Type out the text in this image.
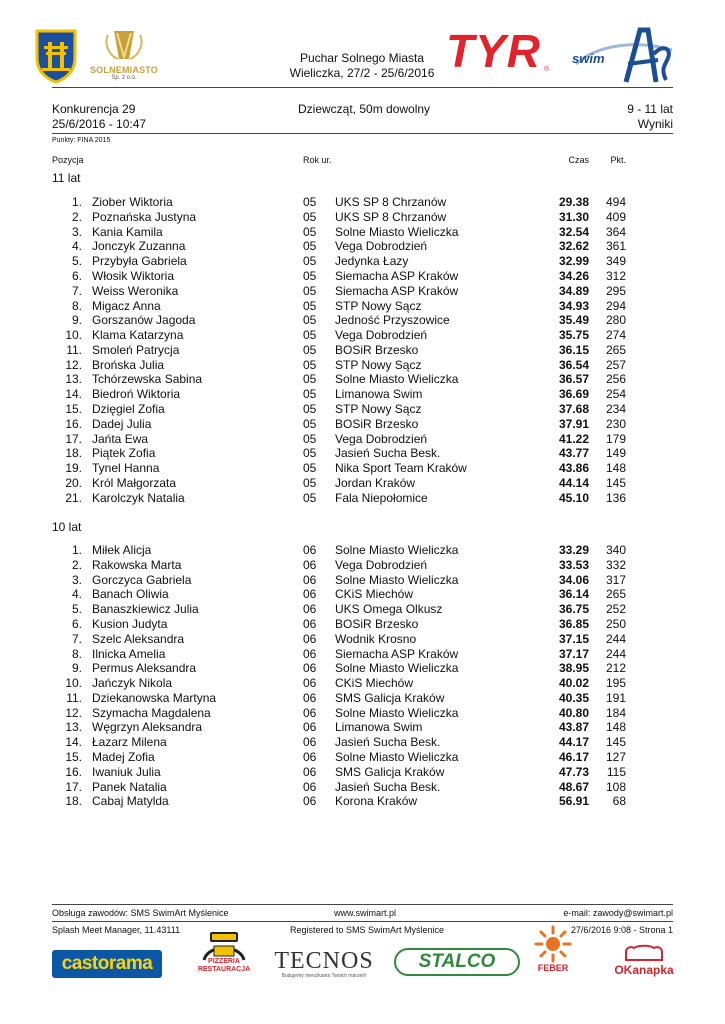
SOLNEMIASTO
Sp. z o.o.
Puchar Solnego Miasta
Wieliczka, 27/2 - 25/6/2016 TYR ®
swim
Konkurencja 29	Dziewcząt, 50m dowolny	9 - 11 lat
25/6/2016 - 10:47	Wyniki
Punkty: FINA 2015
Pozycja	Rok ur.	Czas	Pkt.
11 lat
1. Ziober Wiktoria	05 UKS SP 8 Chrzanów	29.38	494
2. Poznańska Justyna	05 UKS SP 8 Chrzanów	31.30	409
3. Kania Kamila	05 Solne Miasto Wieliczka	32.54	364
4. Jonczyk Zuzanna	05 Vega Dobrodzień	32.62	361
5. Przybyła Gabriela	05 Jedynka Łazy	32.99	349
6. Włosik Wiktoria	05 Siemacha ASP Kraków	34.26	312
7. Weiss Weronika	05 Siemacha ASP Kraków	34.89	295
8. Migacz Anna	05 STP Nowy Sącz	34.93	294
9. Gorszanów Jagoda	05 Jedność Przyszowice	35.49	280
10. Klama Katarzyna	05 Vega Dobrodzień	35.75	274
11. Smoleń Patrycja	05 BOSiR Brzesko	36.15	265
12. Brońska Julia	05 STP Nowy Sącz	36.54	257
13. Tchórzewska Sabina	05 Solne Miasto Wieliczka	36.57	256
14. Biedroń Wiktoria	05 Limanowa Swim	36.69	254
15. Dzięgiel Zofia	05 STP Nowy Sącz	37.68	234
16. Dadej Julia	05 BOSiR Brzesko	37.91	230
17. Jańta Ewa	05 Vega Dobrodzień	41.22	179
18. Piątek Zofia	05 Jasień Sucha Besk.	43.77	149
19. Tynel Hanna	05 Nika Sport Team Kraków	43.86	148
20. Król Małgorzata	05 Jordan Kraków	44.14	145
21. Karolczyk Natalia	05 Fala Niepołomice	45.10	136
10 lat
1. Miłek Alicja	06 Solne Miasto Wieliczka	33.29	340
2. Rakowska Marta	06 Vega Dobrodzień	33.53	332
3. Gorczyca Gabriela	06 Solne Miasto Wieliczka	34.06	317
4. Banach Oliwia	06 CKiS Miechów	36.14	265
5. Banaszkiewicz Julia	06 UKS Omega Olkusz	36.75	252
6. Kusion Judyta	06 BOSiR Brzesko	36.85	250
7. Szelc Aleksandra	06 Wodnik Krosno	37.15	244
8. Ilnicka Amelia	06 Siemacha ASP Kraków	37.17	244
9. Permus Aleksandra	06 Solne Miasto Wieliczka	38.95	212
10. Jańczyk Nikola	06 CKiS Miechów	40.02	195
11. Dziekanowska Martyna	06 SMS Galicja Kraków	40.35	191
12. Szymacha Magdalena	06 Solne Miasto Wieliczka	40.80	184
13. Węgrzyn Aleksandra	06 Limanowa Swim	43.87	148
14. Łazarz Milena	06 Jasień Sucha Besk.	44.17	145
15. Madej Zofia	06 Solne Miasto Wieliczka	46.17	127
16. Iwaniuk Julia	06 SMS Galicja Kraków	47.73	115
17. Panek Natalia	06 Jasień Sucha Besk.	48.67	108
18. Cabaj Matylda	06 Korona Kraków	56.91	68
Obsługa zawodów: SMS SwimArt Myślenice	www.swimart.pl	e-mail: zawody@swimart.pl
Splash Meet Manager, 11.43111	Registered to SMS SwimArt Myślenice	27/6/2016 9:08 - Strona 1
castorama	PIZZERIA RESTAURACJA TECNOS
Budujemy mieszkania Twoich marzeń!
STALCO	FEBER	OKanapka
